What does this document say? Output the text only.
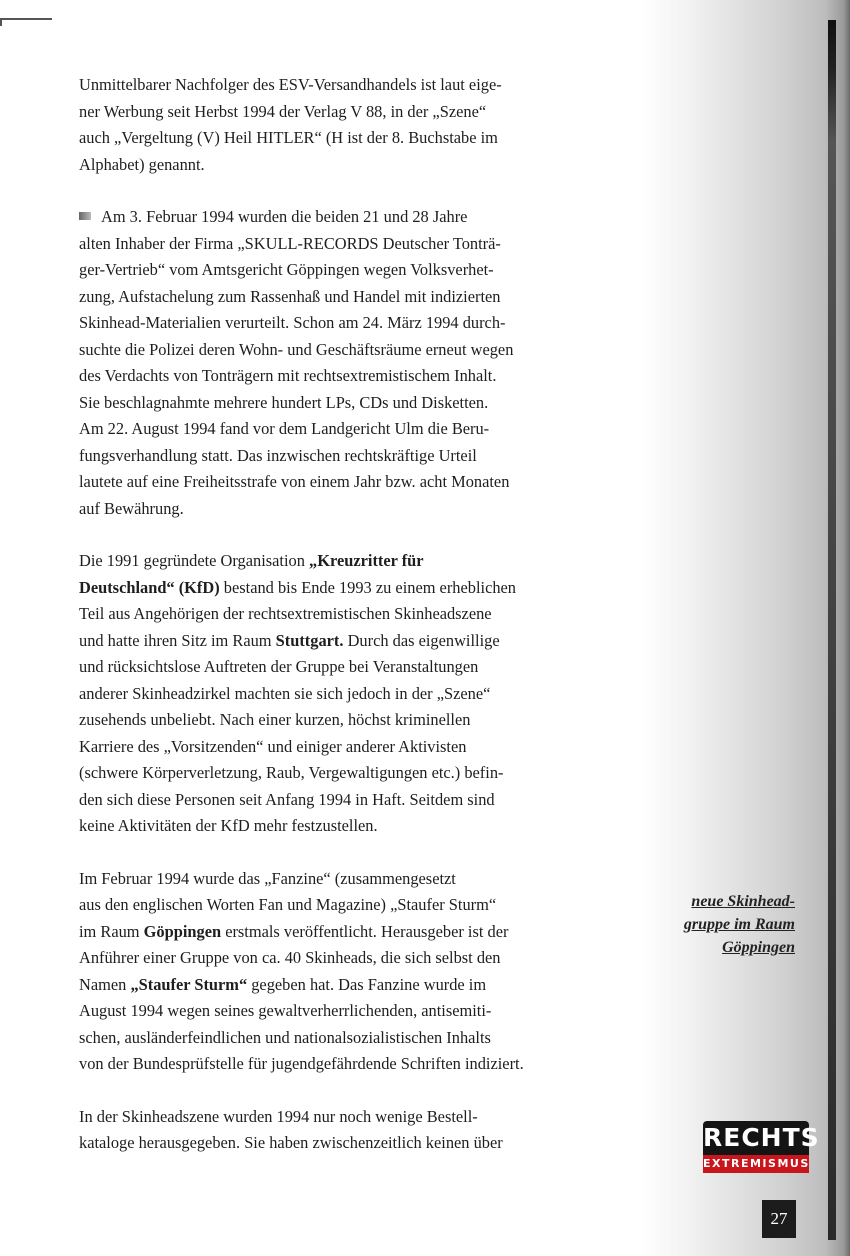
Unmittelbarer Nachfolger des ESV-Versandhandels ist laut eige-
ner Werbung seit Herbst 1994 der Verlag V 88, in der „Szene“
auch „Vergeltung (V) Heil HITLER“ (H ist der 8. Buchstabe im
Alphabet) genannt.
Am 3. Februar 1994 wurden die beiden 21 und 28 Jahre
alten Inhaber der Firma „SKULL-RECORDS Deutscher Tonträ-
ger-Vertrieb“ vom Amtsgericht Göppingen wegen Volksverhet-
zung, Aufstachelung zum Rassenhaß und Handel mit indizierten
Skinhead-Materialien verurteilt. Schon am 24. März 1994 durch-
suchte die Polizei deren Wohn- und Geschäftsräume erneut wegen
des Verdachts von Tonträgern mit rechtsextremistischem Inhalt.
Sie beschlagnahmte mehrere hundert LPs, CDs und Disketten.
Am 22. August 1994 fand vor dem Landgericht Ulm die Beru-
fungsverhandlung statt. Das inzwischen rechtskräftige Urteil
lautete auf eine Freiheitsstrafe von einem Jahr bzw. acht Monaten
auf Bewährung.
Die 1991 gegründete Organisation „Kreuzritter für
Deutschland“ (KfD) bestand bis Ende 1993 zu einem erheblichen
Teil aus Angehörigen der rechtsextremistischen Skinheadszene
und hatte ihren Sitz im Raum Stuttgart. Durch das eigenwillige
und rücksichtslose Auftreten der Gruppe bei Veranstaltungen
anderer Skinheadzirkel machten sie sich jedoch in der „Szene“
zusehends unbeliebt. Nach einer kurzen, höchst kriminellen
Karriere des „Vorsitzenden“ und einiger anderer Aktivisten
(schwere Körperverletzung, Raub, Vergewaltigungen etc.) befin-
den sich diese Personen seit Anfang 1994 in Haft. Seitdem sind
keine Aktivitäten der KfD mehr festzustellen.
Im Februar 1994 wurde das „Fanzine“ (zusammengesetzt
aus den englischen Worten Fan und Magazine) „Staufer Sturm“
im Raum Göppingen erstmals veröffentlicht. Herausgeber ist der
Anführer einer Gruppe von ca. 40 Skinheads, die sich selbst den
Namen „Staufer Sturm“ gegeben hat. Das Fanzine wurde im
August 1994 wegen seines gewaltverherrlichenden, antisemiti-
schen, ausländerfeindlichen und nationalsozialistischen Inhalts
von der Bundesprüfstelle für jugendgefährdende Schriften indiziert.
In der Skinheadszene wurden 1994 nur noch wenige Bestell-
kataloge herausgegeben. Sie haben zwischenzeitlich keinen über
neue Skinhead-
gruppe im Raum
Göppingen
RECHTS
EXTREMISMUS
27
